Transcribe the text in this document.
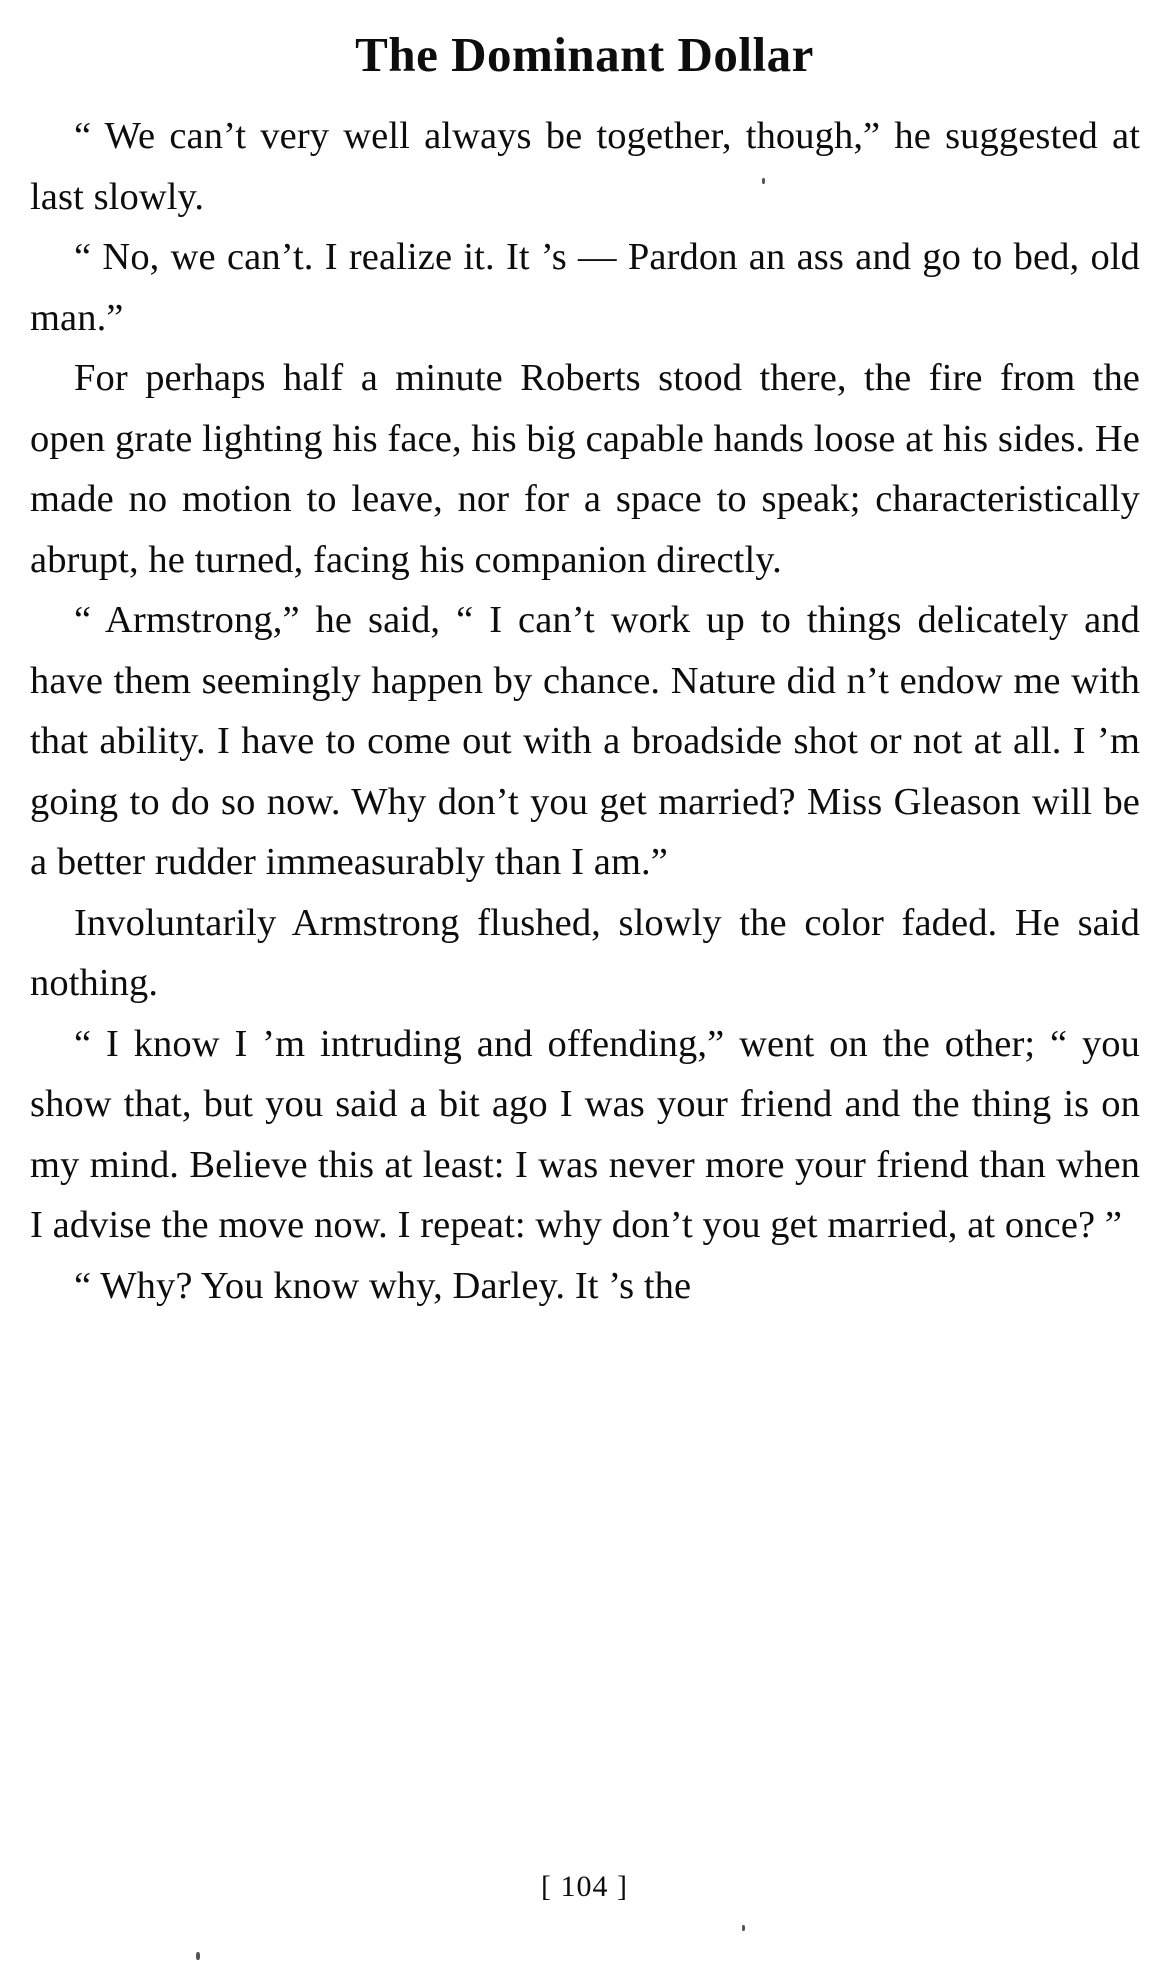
The Dominant Dollar

“ We can’t very well always be together, though,” he suggested at last slowly.

“ No, we can’t. I realize it. It ’s — Pardon an ass and go to bed, old man.”

For perhaps half a minute Roberts stood there, the fire from the open grate lighting his face, his big capable hands loose at his sides. He made no motion to leave, nor for a space to speak; characteristically abrupt, he turned, facing his companion directly.

“ Armstrong,” he said, “ I can’t work up to things delicately and have them seemingly happen by chance. Nature did n’t endow me with that ability. I have to come out with a broadside shot or not at all. I ’m going to do so now. Why don’t you get married? Miss Gleason will be a better rudder immeasurably than I am.”

Involuntarily Armstrong flushed, slowly the color faded. He said nothing.

“ I know I ’m intruding and offending,” went on the other; “ you show that, but you said a bit ago I was your friend and the thing is on my mind. Believe this at least: I was never more your friend than when I advise the move now. I repeat: why don’t you get married, at once? ”

“ Why? You know why, Darley. It ’s the

[ 104 ]
